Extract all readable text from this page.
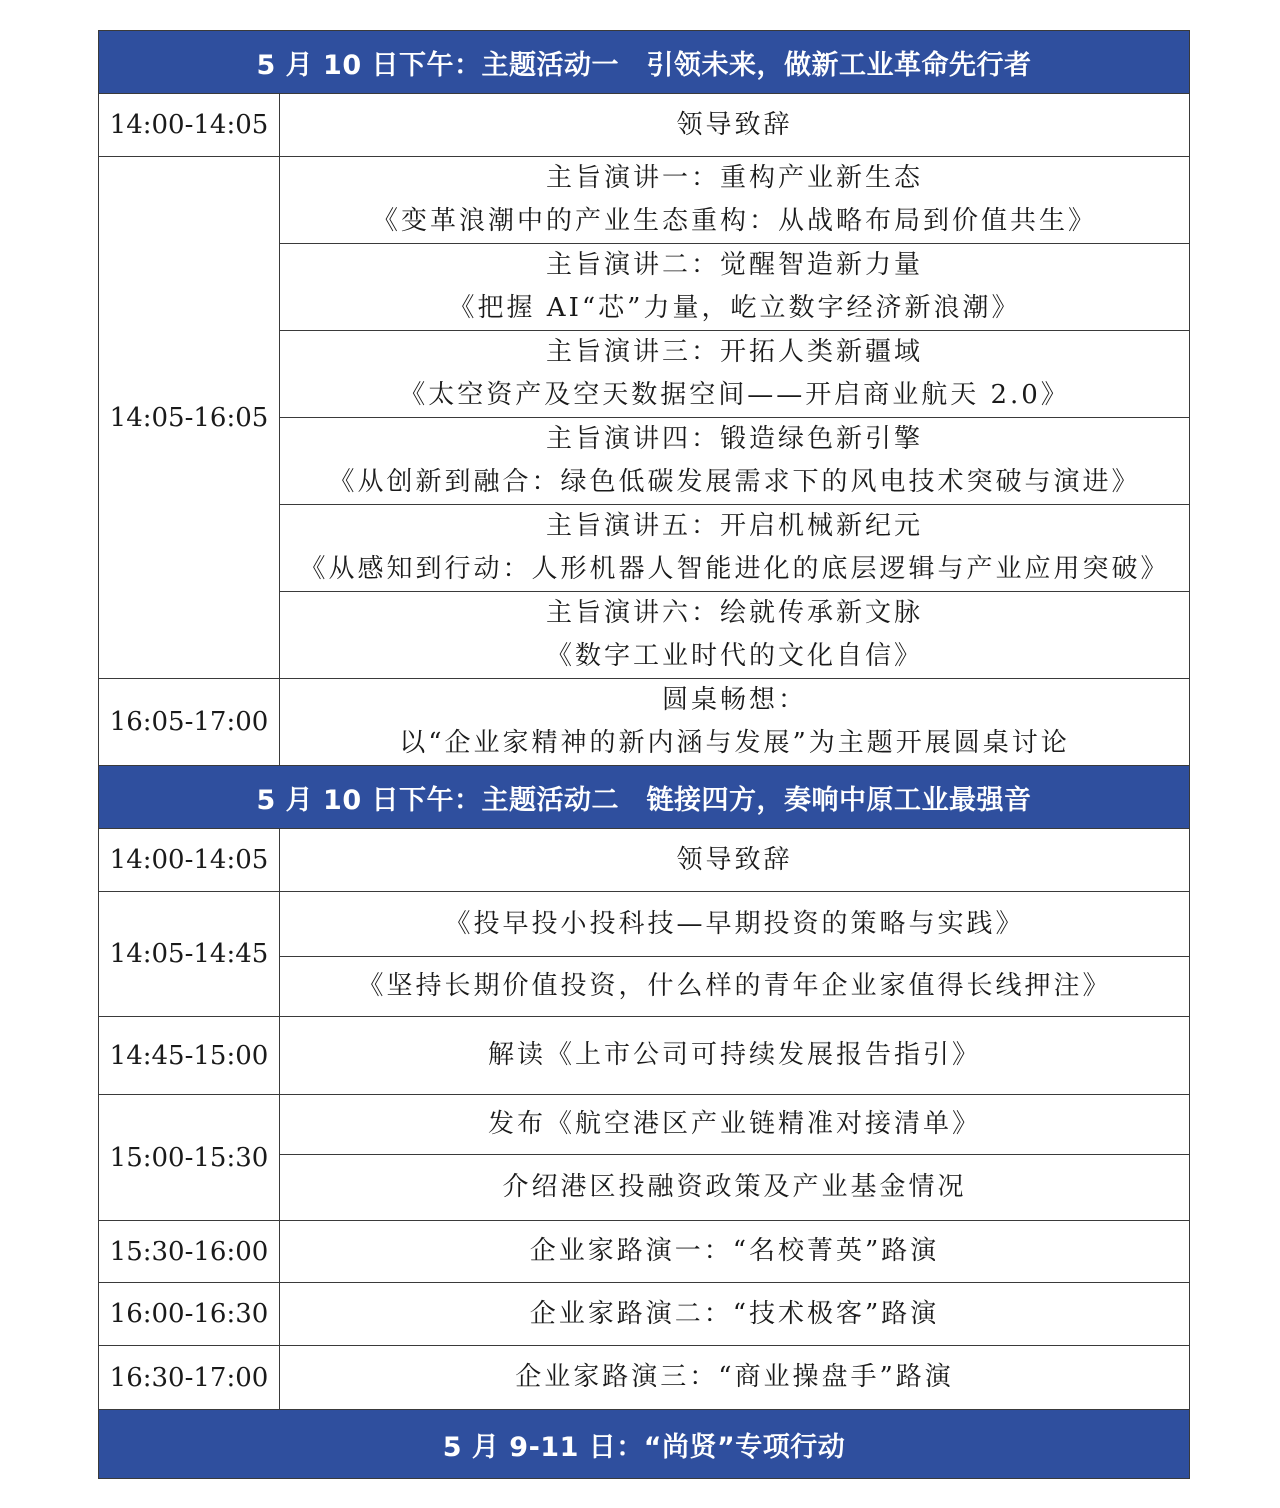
5 月 10 日下午：主题活动一　引领未来，做新工业革命先行者	
14:00-14:05	领导致辞

14:05-16:05	主旨演讲一：重构产业新生态
《变革浪潮中的产业生态重构：从战略布局到价值共生》

	主旨演讲二：觉醒智造新力量
《把握 AI“芯”力量，屹立数字经济新浪潮》

	主旨演讲三：开拓人类新疆域
《太空资产及空天数据空间——开启商业航天 2.0》

	主旨演讲四：锻造绿色新引擎
《从创新到融合：绿色低碳发展需求下的风电技术突破与演进》

	主旨演讲五：开启机械新纪元
《从感知到行动：人形机器人智能进化的底层逻辑与产业应用突破》

	主旨演讲六：绘就传承新文脉
《数字工业时代的文化自信》

16:05-17:00	圆桌畅想：
以“企业家精神的新内涵与发展”为主题开展圆桌讨论

5 月 10 日下午：主题活动二　链接四方，奏响中原工业最强音	
14:00-14:05	领导致辞

14:05-14:45	《投早投小投科技—早期投资的策略与实践》

	《坚持长期价值投资，什么样的青年企业家值得长线押注》

14:45-15:00	解读《上市公司可持续发展报告指引》

15:00-15:30	发布《航空港区产业链精准对接清单》

	介绍港区投融资政策及产业基金情况

15:30-16:00	企业家路演一：“名校菁英”路演

16:00-16:30	企业家路演二：“技术极客”路演

16:30-17:00	企业家路演三：“商业操盘手”路演

5 月 9-11 日：“尚贤”专项行动	
